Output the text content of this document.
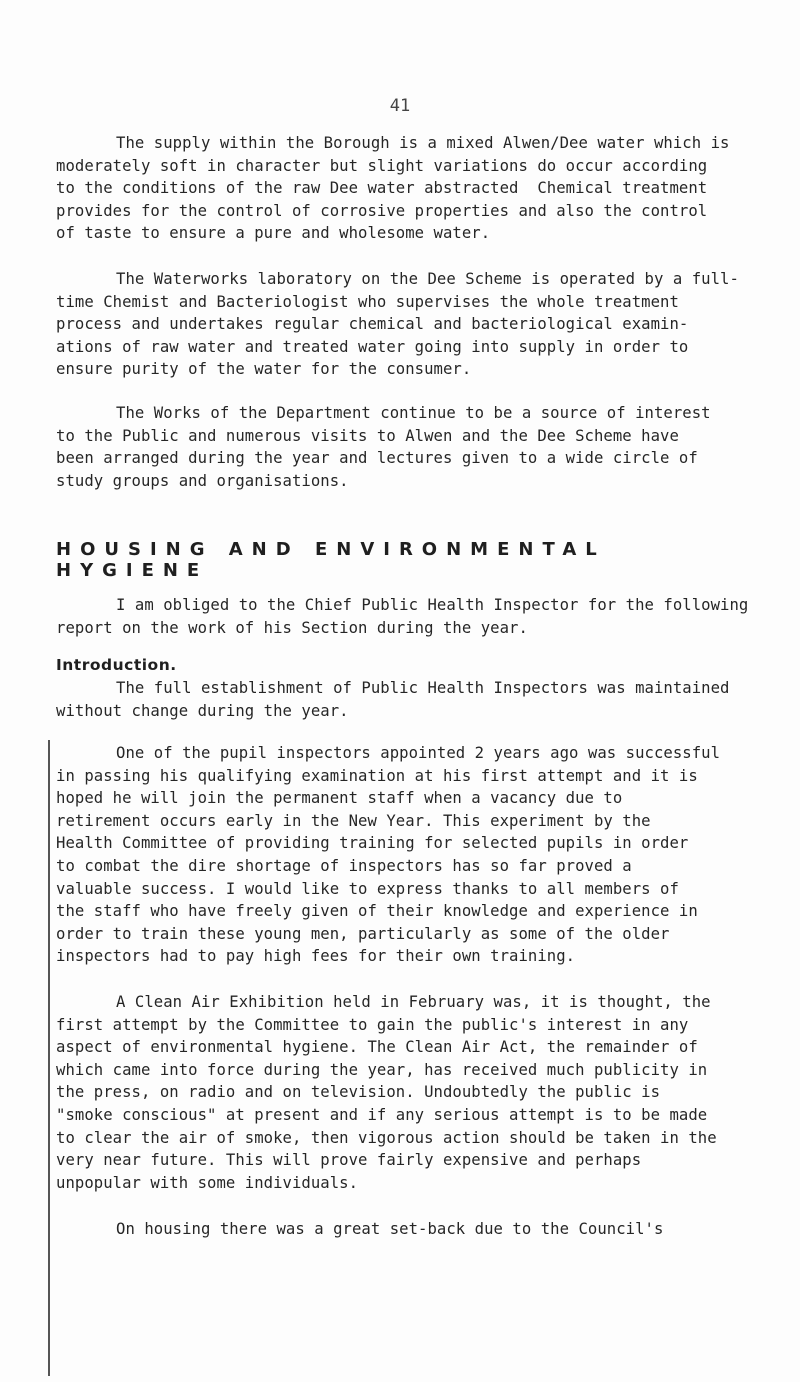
41
The supply within the Borough is a mixed Alwen/Dee water which is
moderately soft in character but slight variations do occur according
to the conditions of the raw Dee water abstracted  Chemical treatment
provides for the control of corrosive properties and also the control
of taste to ensure a pure and wholesome water.
The Waterworks laboratory on the Dee Scheme is operated by a full-
time Chemist and Bacteriologist who supervises the whole treatment
process and undertakes regular chemical and bacteriological examin-
ations of raw water and treated water going into supply in order to
ensure purity of the water for the consumer.
The Works of the Department continue to be a source of interest
to the Public and numerous visits to Alwen and the Dee Scheme have
been arranged during the year and lectures given to a wide circle of
study groups and organisations.
HOUSING AND ENVIRONMENTAL HYGIENE
I am obliged to the Chief Public Health Inspector for the following
report on the work of his Section during the year.
Introduction.
The full establishment of Public Health Inspectors was maintained
without change during the year.
One of the pupil inspectors appointed 2 years ago was successful
in passing his qualifying examination at his first attempt and it is
hoped he will join the permanent staff when a vacancy due to
retirement occurs early in the New Year. This experiment by the
Health Committee of providing training for selected pupils in order
to combat the dire shortage of inspectors has so far proved a
valuable success. I would like to express thanks to all members of
the staff who have freely given of their knowledge and experience in
order to train these young men, particularly as some of the older
inspectors had to pay high fees for their own training.
A Clean Air Exhibition held in February was, it is thought, the
first attempt by the Committee to gain the public's interest in any
aspect of environmental hygiene. The Clean Air Act, the remainder of
which came into force during the year, has received much publicity in
the press, on radio and on television. Undoubtedly the public is
"smoke conscious" at present and if any serious attempt is to be made
to clear the air of smoke, then vigorous action should be taken in the
very near future. This will prove fairly expensive and perhaps
unpopular with some individuals.
On housing there was a great set-back due to the Council's
